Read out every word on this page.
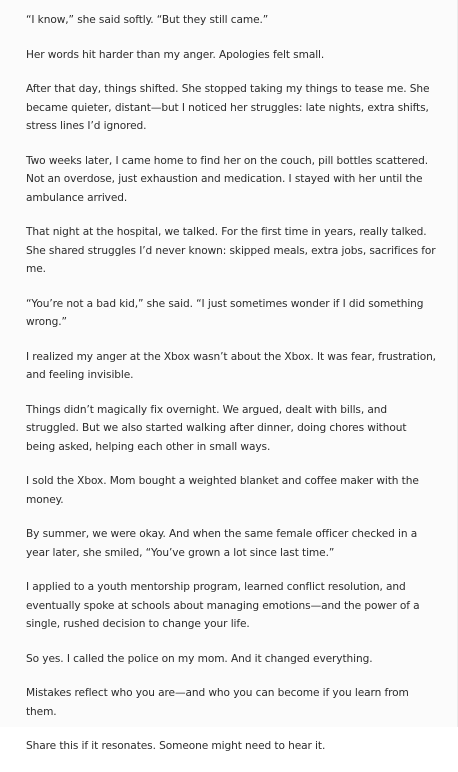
“I know,” she said softly. “But they still came.”

Her words hit harder than my anger. Apologies felt small.

After that day, things shifted. She stopped taking my things to tease me. She became quieter, distant—but I noticed her struggles: late nights, extra shifts, stress lines I’d ignored.

Two weeks later, I came home to find her on the couch, pill bottles scattered. Not an overdose, just exhaustion and medication. I stayed with her until the ambulance arrived.

That night at the hospital, we talked. For the first time in years, really talked. She shared struggles I’d never known: skipped meals, extra jobs, sacrifices for me.

“You’re not a bad kid,” she said. “I just sometimes wonder if I did something wrong.”

I realized my anger at the Xbox wasn’t about the Xbox. It was fear, frustration, and feeling invisible.

Things didn’t magically fix overnight. We argued, dealt with bills, and struggled. But we also started walking after dinner, doing chores without being asked, helping each other in small ways.

I sold the Xbox. Mom bought a weighted blanket and coffee maker with the money.

By summer, we were okay. And when the same female officer checked in a year later, she smiled, “You’ve grown a lot since last time.”

I applied to a youth mentorship program, learned conflict resolution, and eventually spoke at schools about managing emotions—and the power of a single, rushed decision to change your life.

So yes. I called the police on my mom. And it changed everything.

Mistakes reflect who you are—and who you can become if you learn from them.

Share this if it resonates. Someone might need to hear it.
